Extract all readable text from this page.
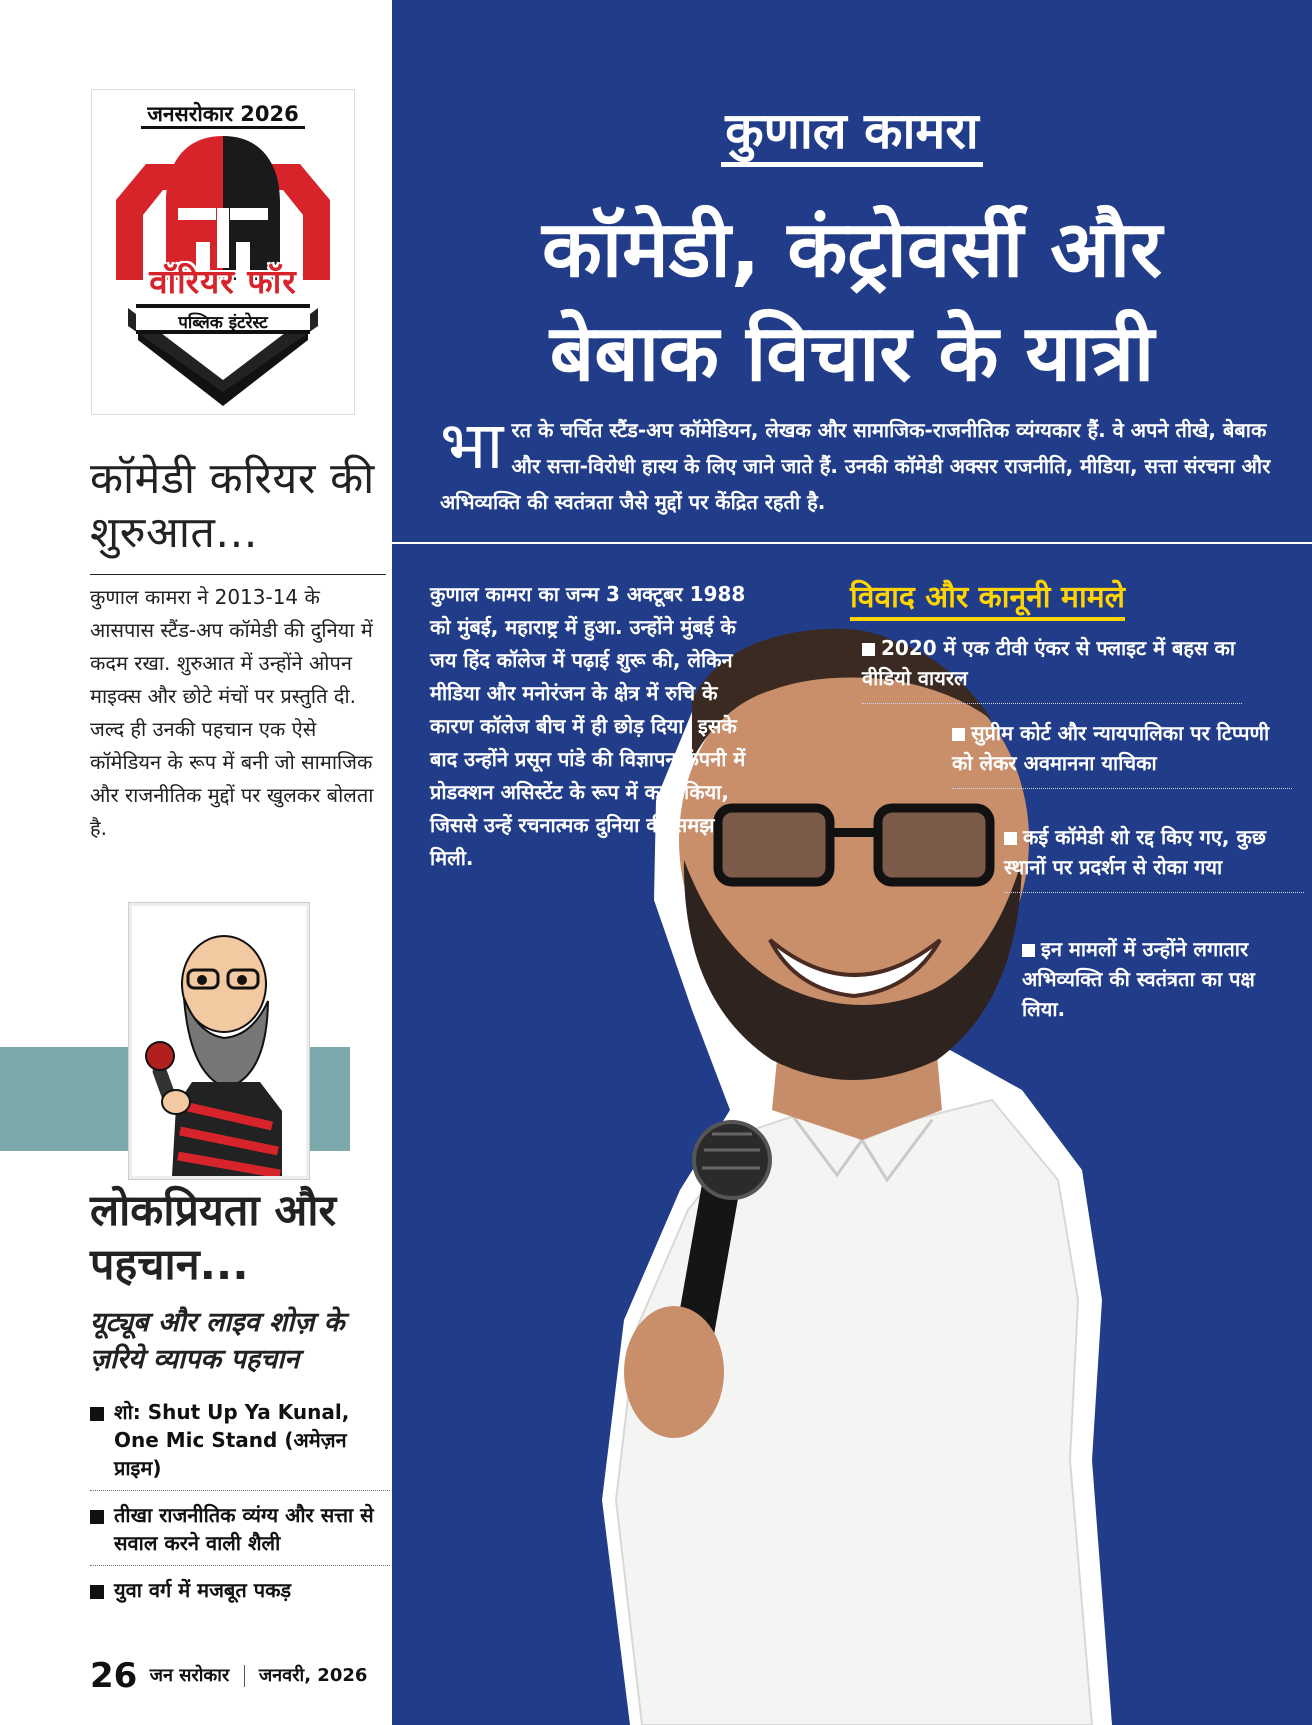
जनसरोकार 2026
वॉरियर फॉर
पब्लिक इंटरेस्ट
कॉमेडी करियर की शुरुआत...

कुणाल कामरा ने 2013-14 के आसपास स्टैंड-अप कॉमेडी की दुनिया में कदम रखा. शुरुआत में उन्होंने ओपन माइक्स और छोटे मंचों पर प्रस्तुति दी. जल्द ही उनकी पहचान एक ऐसे कॉमेडियन के रूप में बनी जो सामाजिक और राजनीतिक मुद्दों पर खुलकर बोलता है.

लोकप्रियता और पहचान...
यूट्यूब और लाइव शोज़ के ज़रिये व्यापक पहचान
शो: Shut Up Ya Kunal, One Mic Stand (अमेज़न प्राइम)
तीखा राजनीतिक व्यंग्य और सत्ता से सवाल करने वाली शैली
युवा वर्ग में मजबूत पकड़
26 जन सरोकार जनवरी, 2026
कुणाल कामरा
कॉमेडी, कंट्रोवर्सी और
बेबाक विचार के यात्री

भारत के चर्चित स्टैंड-अप कॉमेडियन, लेखक और सामाजिक-राजनीतिक व्यंग्यकार हैं. वे अपने तीखे, बेबाक और सत्ता-विरोधी हास्य के लिए जाने जाते हैं. उनकी कॉमेडी अक्सर राजनीति, मीडिया, सत्ता संरचना और अभिव्यक्ति की स्वतंत्रता जैसे मुद्दों पर केंद्रित रहती है.

कुणाल कामरा का जन्म 3 अक्टूबर 1988 को मुंबई, महाराष्ट्र में हुआ. उन्होंने मुंबई के जय हिंद कॉलेज में पढ़ाई शुरू की, लेकिन मीडिया और मनोरंजन के क्षेत्र में रुचि के कारण कॉलेज बीच में ही छोड़ दिया. इसके बाद उन्होंने प्रसून पांडे की विज्ञापन कंपनी में प्रोडक्शन असिस्टेंट के रूप में काम किया, जिससे उन्हें रचनात्मक दुनिया की समझ मिली.

विवाद और कानूनी मामले
2020 में एक टीवी एंकर से फ्लाइट में बहस का वीडियो वायरल
सुप्रीम कोर्ट और न्यायपालिका पर टिप्पणी को लेकर अवमानना याचिका
कई कॉमेडी शो रद्द किए गए, कुछ स्थानों पर प्रदर्शन से रोका गया
इन मामलों में उन्होंने लगातार अभिव्यक्ति की स्वतंत्रता का पक्ष लिया.
